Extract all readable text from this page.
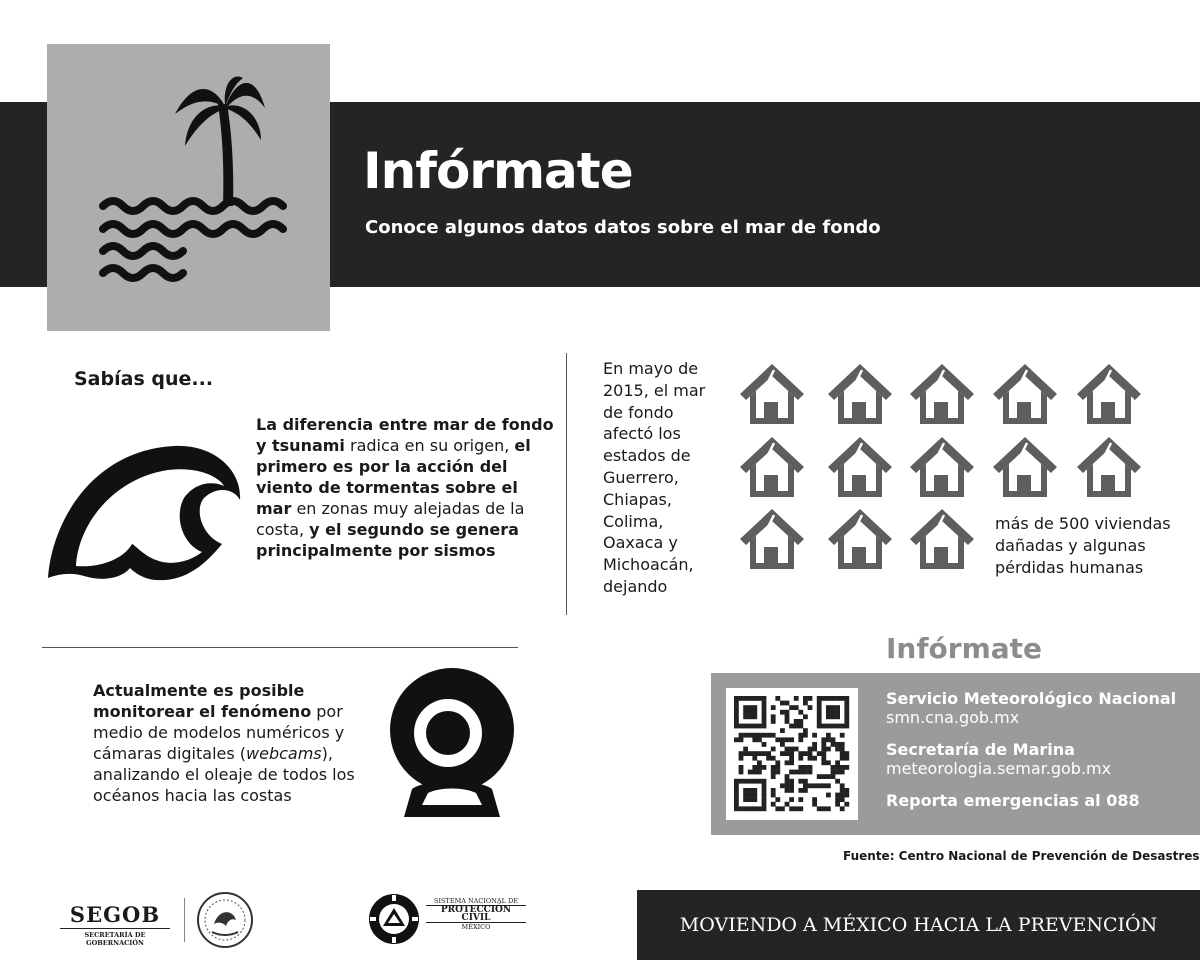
Infórmate
Conoce algunos datos datos sobre el mar de fondo
Sabías que...
La diferencia entre mar de fondo y tsunami radica en su origen, el primero es por la acción del viento de tormentas sobre el mar en zonas muy alejadas de la costa, y el segundo se genera principalmente por sismos
Actualmente es posible monitorear el fenómeno por medio de modelos numéricos y cámaras digitales (webcams), analizando el oleaje de todos los océanos hacia las costas
En mayo de 2015, el mar de fondo afectó los estados de Guerrero, Chiapas, Colima, Oaxaca y Michoacán, dejando
más de 500 viviendas dañadas y algunas pérdidas humanas
Infórmate
Servicio Meteorológico Nacional
smn.cna.gob.mx
Secretaría de Marina
meteorologia.semar.gob.mx
Reporta emergencias al 088
Fuente: Centro Nacional de Prevención de Desastres
SEGOB
SECRETARÍA DE GOBERNACIÓN
SISTEMA NACIONAL DE
PROTECCIÓN CIVIL
MÉXICO	MOVIENDO A MÉXICO HACIA LA PREVENCIÓN
